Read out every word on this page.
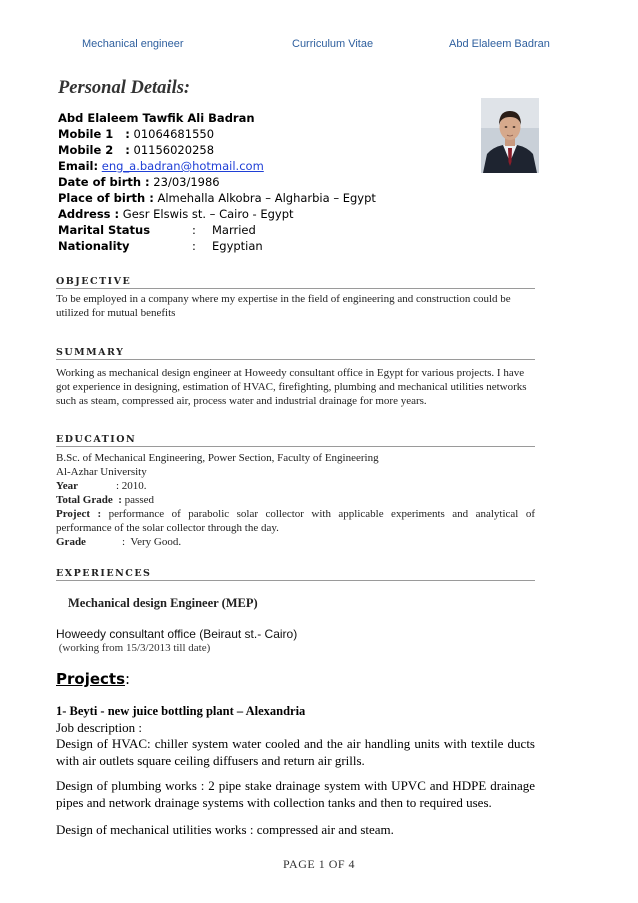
Mechanical engineer	Curriculum Vitae	Abd Elaleem Badran
Personal Details:
Abd Elaleem Tawfik Ali Badran
Mobile 1   : 01064681550
Mobile 2   : 01156020258
Email: eng_a.badran@hotmail.com
Date of birth : 23/03/1986
Place of birth : Almehalla Alkobra – Algharbia – Egypt
Address : Gesr Elswis st. – Cairo - Egypt
Marital Status	: Married
Nationality	: Egyptian
OBJECTIVE
To be employed in a company where my expertise in the field of engineering and construction could be utilized for mutual benefits
SUMMARY
Working as mechanical design engineer at Howeedy consultant office in Egypt for various projects. I have got experience in designing, estimation of HVAC, firefighting, plumbing and mechanical utilities networks such as steam, compressed air, process water and industrial drainage for more years.
EDUCATION
B.Sc. of Mechanical Engineering, Power Section, Faculty of Engineering
Al-Azhar University
Year	: 2010.
Total Grade  : passed
Project : performance of parabolic solar collector with applicable experiments and analytical of performance of the solar collector through the day.
Grade	:  Very Good.
EXPERIENCES
Mechanical design Engineer (MEP)
Howeedy consultant office (Beiraut st.- Cairo)
(working from 15/3/2013 till date)
Projects:
1- Beyti - new juice bottling plant – Alexandria
Job description :
Design of HVAC: chiller system water cooled and the air handling units with textile ducts with air outlets square ceiling diffusers and return air grills.
Design of plumbing works : 2 pipe stake drainage system with UPVC and HDPE drainage pipes and network drainage systems with collection tanks and then to required uses.
Design of mechanical utilities works : compressed air and steam.
PAGE 1 OF 4
